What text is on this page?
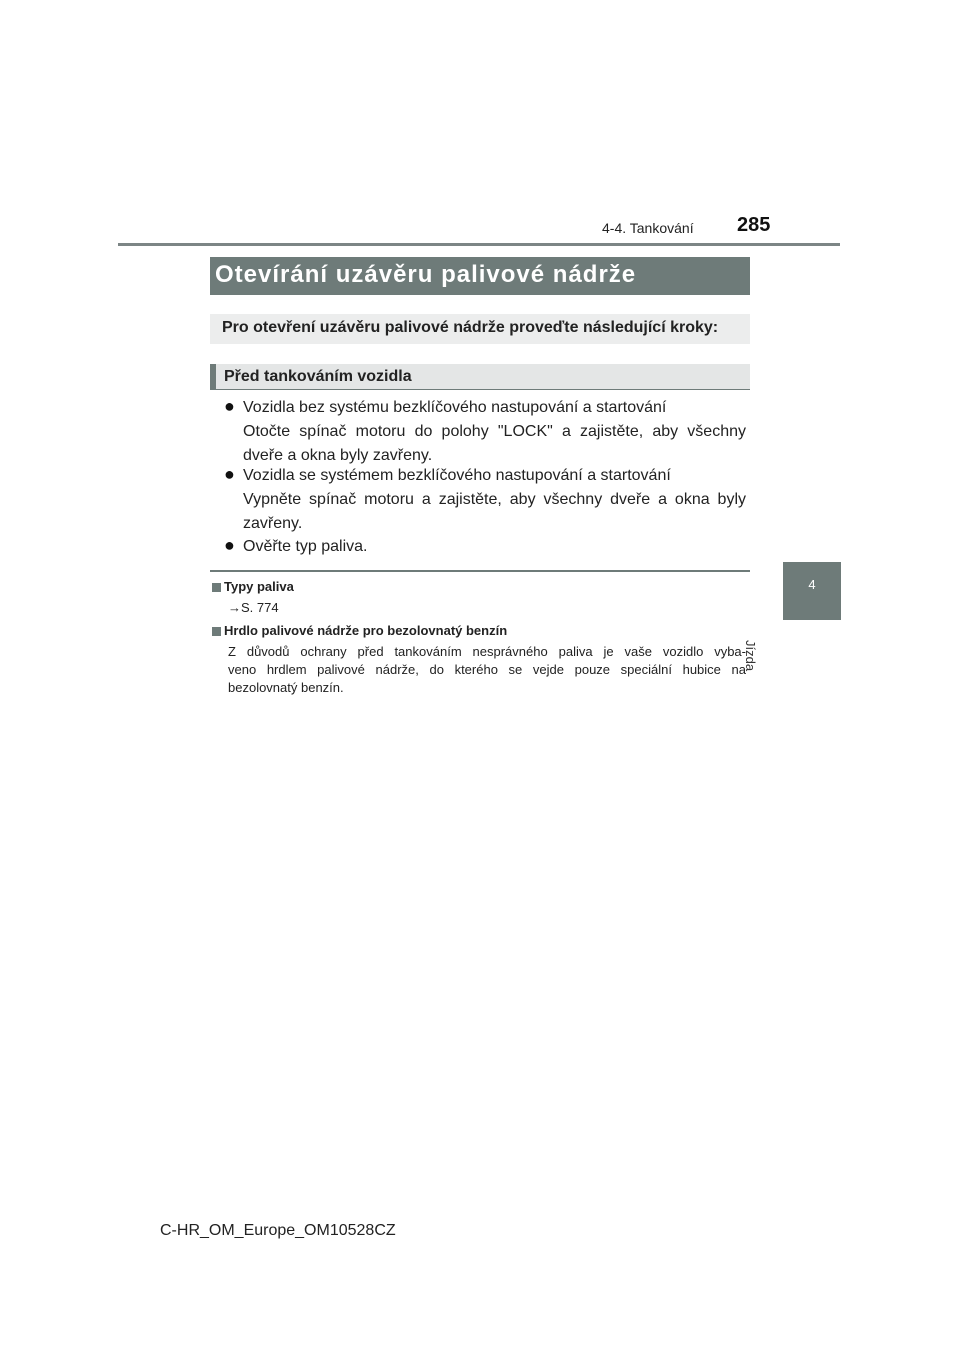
4-4. Tankování 285
4
Jízda
Otevírání uzávěru palivové nádrže
Pro otevření uzávěru palivové nádrže proveďte následující kroky:
Před tankováním vozidla
● Vozidla bez systému bezklíčového nastupování a startování
Otočte spínač motoru do polohy "LOCK" a zajistěte, aby všechny
dveře a okna byly zavřeny.
● Vozidla se systémem bezklíčového nastupování a startování
Vypněte spínač motoru a zajistěte, aby všechny dveře a okna byly
zavřeny.
● Ověřte typ paliva.
Typy paliva
→S. 774
Hrdlo palivové nádrže pro bezolovnatý benzín
Z důvodů ochrany před tankováním nesprávného paliva je vaše vozidlo vyba-
veno hrdlem palivové nádrže, do kterého se vejde pouze speciální hubice na
bezolovnatý benzín.
C-HR_OM_Europe_OM10528CZ
